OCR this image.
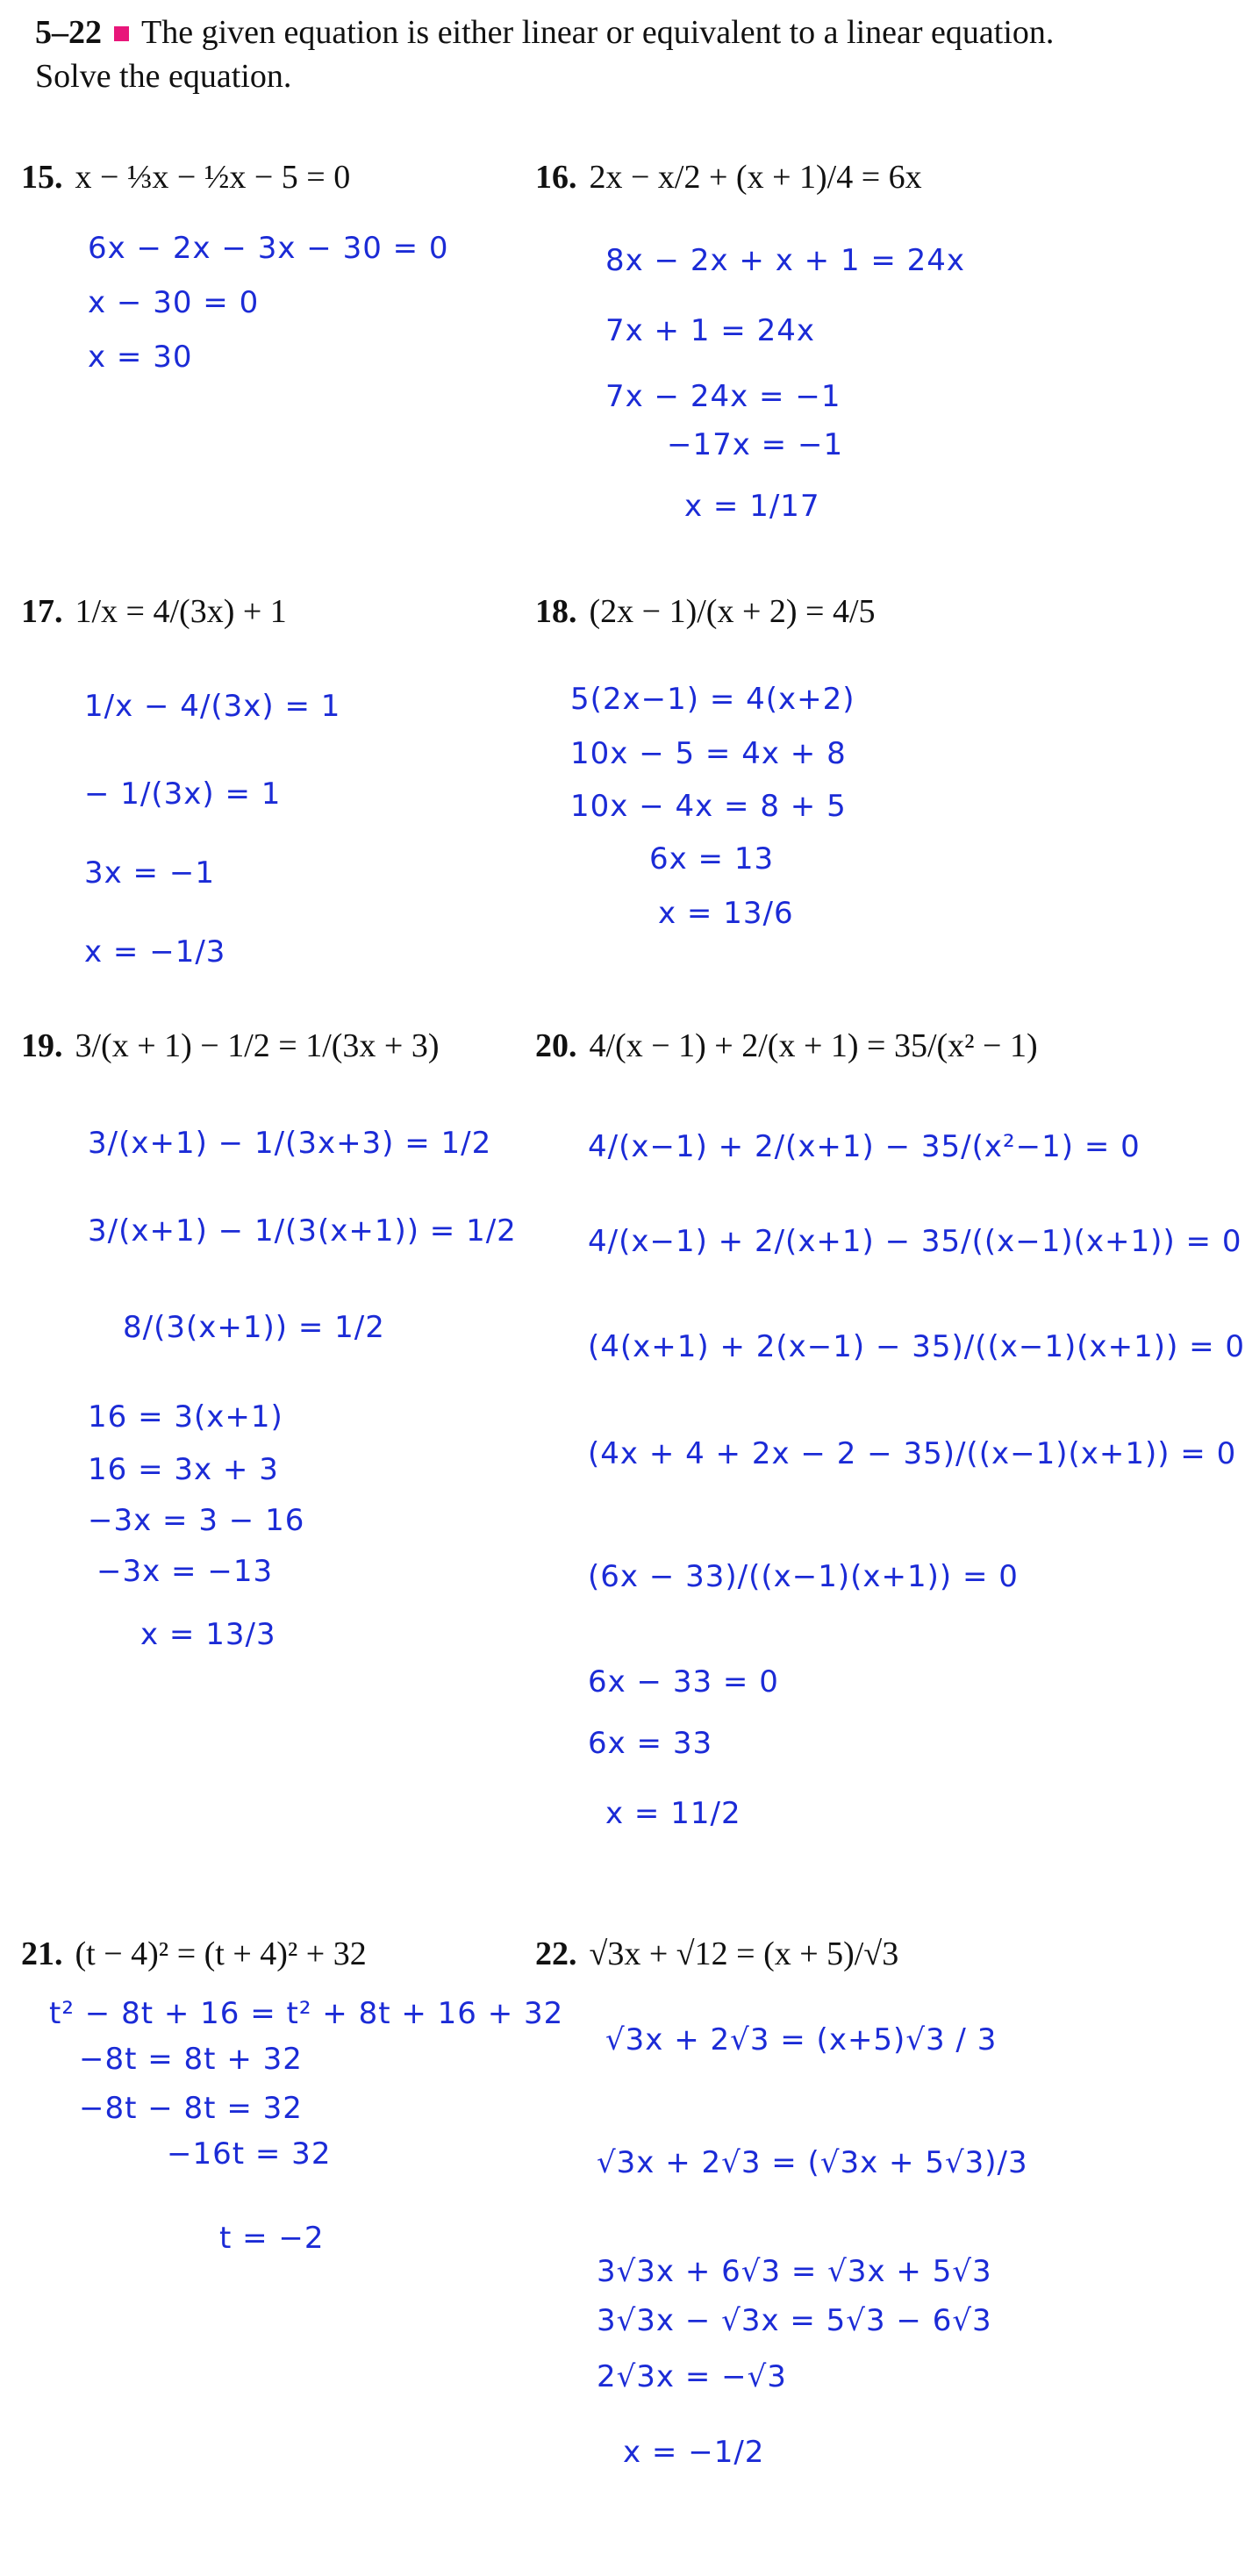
5–22 The given equation is either linear or equivalent to a linear equation. Solve the equation.
15. x − ⅓x − ½x − 5 = 0
6x − 2x − 3x − 30 = 0
x − 30 = 0
x = 30
16. 2x − x/2 + (x + 1)/4 = 6x
8x − 2x + x + 1 = 24x
7x + 1 = 24x
7x − 24x = −1
−17x = −1
x = 1/17
17. 1/x = 4/(3x) + 1
1/x − 4/(3x) = 1
− 1/(3x) = 1
3x = −1
x = −1/3
18. (2x − 1)/(x + 2) = 4/5
5(2x−1) = 4(x+2)
10x − 5 = 4x + 8
10x − 4x = 8 + 5
6x = 13
x = 13/6
19. 3/(x + 1) − 1/2 = 1/(3x + 3)
3/(x+1) − 1/(3x+3) = 1/2
3/(x+1) − 1/(3(x+1)) = 1/2
8/(3(x+1)) = 1/2
16 = 3(x+1)
16 = 3x + 3
−3x = 3 − 16
−3x = −13
x = 13/3
20. 4/(x − 1) + 2/(x + 1) = 35/(x² − 1)
4/(x−1) + 2/(x+1) − 35/(x²−1) = 0
4/(x−1) + 2/(x+1) − 35/((x−1)(x+1)) = 0
(4(x+1) + 2(x−1) − 35)/((x−1)(x+1)) = 0
(4x + 4 + 2x − 2 − 35)/((x−1)(x+1)) = 0
(6x − 33)/((x−1)(x+1)) = 0
6x − 33 = 0
6x = 33
x = 11/2
21. (t − 4)² = (t + 4)² + 32
t² − 8t + 16 = t² + 8t + 16 + 32
−8t = 8t + 32
−8t − 8t = 32
−16t = 32
t = −2
22. √3x + √12 = (x + 5)/√3
√3x + 2√3 = (x+5)√3 / 3
√3x + 2√3 = (√3x + 5√3)/3
3√3x + 6√3 = √3x + 5√3
3√3x − √3x = 5√3 − 6√3
2√3x = −√3
x = −1/2
